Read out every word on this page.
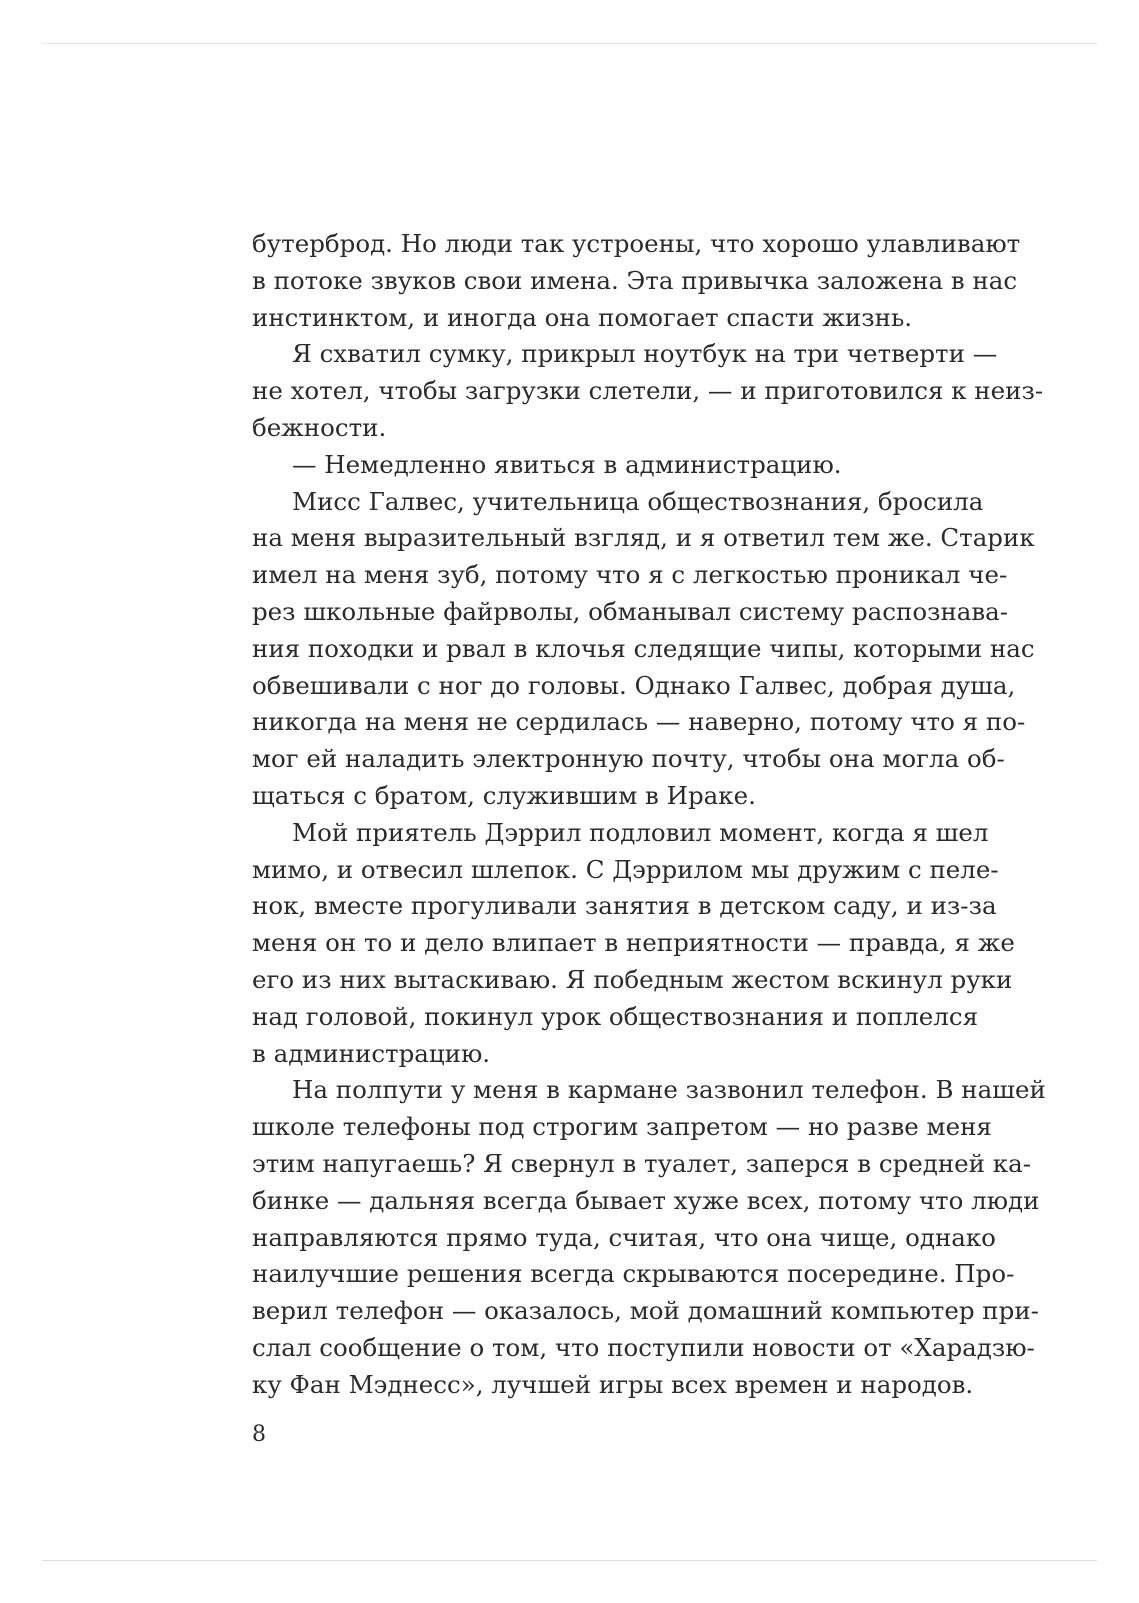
бутерброд. Но люди так устроены, что хорошо улавливают
в потоке звуков свои имена. Эта привычка заложена в нас
инстинктом, и иногда она помогает спасти жизнь.
Я схватил сумку, прикрыл ноутбук на три четверти —
не хотел, чтобы загрузки слетели, — и приготовился к неиз-
бежности.
— Немедленно явиться в администрацию.
Мисс Галвес, учительница обществознания, бросила
на меня выразительный взгляд, и я ответил тем же. Старик
имел на меня зуб, потому что я с легкостью проникал че-
рез школьные файрволы, обманывал систему распознава-
ния походки и рвал в клочья следящие чипы, которыми нас
обвешивали с ног до головы. Однако Галвес, добрая душа,
никогда на меня не сердилась — наверно, потому что я по-
мог ей наладить электронную почту, чтобы она могла об-
щаться с братом, служившим в Ираке.
Мой приятель Дэррил подловил момент, когда я шел
мимо, и отвесил шлепок. С Дэррилом мы дружим с пеле-
нок, вместе прогуливали занятия в детском саду, и из-за
меня он то и дело влипает в неприятности — правда, я же
его из них вытаскиваю. Я победным жестом вскинул руки
над головой, покинул урок обществознания и поплелся
в администрацию.
На полпути у меня в кармане зазвонил телефон. В нашей
школе телефоны под строгим запретом — но разве меня
этим напугаешь? Я свернул в туалет, заперся в средней ка-
бинке — дальняя всегда бывает хуже всех, потому что люди
направляются прямо туда, считая, что она чище, однако
наилучшие решения всегда скрываются посередине. Про-
верил телефон — оказалось, мой домашний компьютер при-
слал сообщение о том, что поступили новости от «Харадзю-
ку Фан Мэднесс», лучшей игры всех времен и народов.
8
